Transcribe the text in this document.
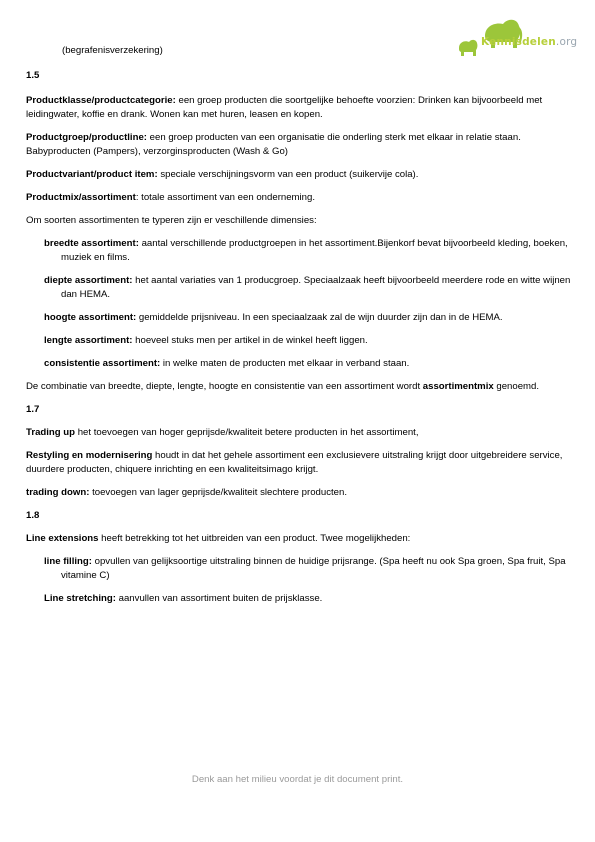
Kennisdelen.org

(begrafenisverzekering)

1.5

Productklasse/productcategorie: een groep producten die soortgelijke behoefte voorzien: Drinken kan bijvoorbeeld met leidingwater, koffie en drank. Wonen kan met huren, leasen en kopen.

Productgroep/productline: een groep producten van een organisatie die onderling sterk met elkaar in relatie staan. Babyproducten (Pampers), verzorginsproducten (Wash & Go)

Productvariant/product item: speciale verschijningsvorm van een product (suikervije cola).

Productmix/assortiment: totale assortiment van een onderneming.

Om soorten assortimenten te typeren zijn er veschillende dimensies:

breedte assortiment: aantal verschillende productgroepen in het assortiment.Bijenkorf bevat bijvoorbeeld kleding, boeken, muziek en films.

diepte assortiment: het aantal variaties van 1 producgroep. Speciaalzaak heeft bijvoorbeeld meerdere rode en witte wijnen dan HEMA.

hoogte assortiment: gemiddelde prijsniveau. In een speciaalzaak zal de wijn duurder zijn dan in de HEMA.

lengte assortiment: hoeveel stuks men per artikel in de winkel heeft liggen.

consistentie assortiment: in welke maten de producten met elkaar in verband staan.

De combinatie van breedte, diepte, lengte, hoogte en consistentie van een assortiment wordt assortimentmix genoemd.

1.7

Trading up het toevoegen van hoger geprijsde/kwaliteit betere producten in het assortiment,

Restyling en modernisering houdt in dat het gehele assortiment een exclusievere uitstraling krijgt door uitgebreidere service, duurdere producten, chiquere inrichting en een kwaliteitsimago krijgt.

trading down: toevoegen van lager geprijsde/kwaliteit slechtere producten.

1.8

Line extensions heeft betrekking tot het uitbreiden van een product. Twee mogelijkheden:

line filling: opvullen van gelijksoortige uitstraling binnen de huidige prijsrange. (Spa heeft nu ook Spa groen, Spa fruit, Spa vitamine C)

Line stretching: aanvullen van assortiment buiten de prijsklasse.

Denk aan het milieu voordat je dit document print.
